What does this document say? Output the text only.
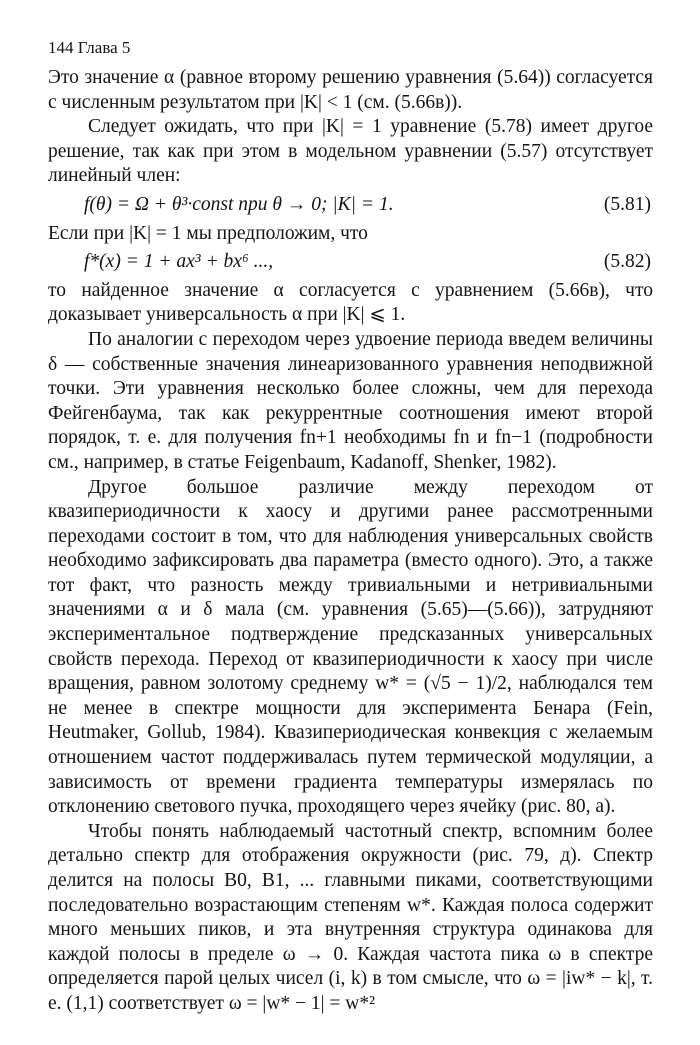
144 Глава 5

Это значение α (равное второму решению уравнения (5.64)) согласуется с численным результатом при |K| < 1 (см. (5.66в)).

Следует ожидать, что при |K| = 1 уравнение (5.78) имеет другое решение, так как при этом в модельном уравнении (5.57) отсутствует линейный член:

f(θ) = Ω + θ³·const при θ → 0; |K| = 1.	(5.81)

Если при |K| = 1 мы предположим, что

f*(x) = 1 + ax³ + bx⁶ ...,	(5.82)

то найденное значение α согласуется с уравнением (5.66в), что доказывает универсальность α при |K| ⩽ 1.

По аналогии с переходом через удвоение периода введем величины δ — собственные значения линеаризованного уравнения неподвижной точки. Эти уравнения несколько более сложны, чем для перехода Фейгенбаума, так как рекуррентные соотношения имеют второй порядок, т. е. для получения fn+1 необходимы fn и fn−1 (подробности см., например, в статье Feigenbaum, Kadanoff, Shenker, 1982).

Другое большое различие между переходом от квазипериодичности к хаосу и другими ранее рассмотренными переходами состоит в том, что для наблюдения универсальных свойств необходимо зафиксировать два параметра (вместо одного). Это, а также тот факт, что разность между тривиальными и нетривиальными значениями α и δ мала (см. уравнения (5.65)—(5.66)), затрудняют экспериментальное подтверждение предсказанных универсальных свойств перехода. Переход от квазипериодичности к хаосу при числе вращения, равном золотому среднему w* = (√5 − 1)/2, наблюдался тем не менее в спектре мощности для эксперимента Бенара (Fein, Heutmaker, Gollub, 1984). Квазипериодическая конвекция с желаемым отношением частот поддерживалась путем термической модуляции, а зависимость от времени градиента температуры измерялась по отклонению светового пучка, проходящего через ячейку (рис. 80, a).

Чтобы понять наблюдаемый частотный спектр, вспомним более детально спектр для отображения окружности (рис. 79, д). Спектр делится на полосы B0, B1, ... главными пиками, соответствующими последовательно возрастающим степеням w*. Каждая полоса содержит много меньших пиков, и эта внутренняя структура одинакова для каждой полосы в пределе ω → 0. Каждая частота пика ω в спектре определяется парой целых чисел (i, k) в том смысле, что ω = |iw* − k|, т. е. (1,1) соответствует ω = |w* − 1| = w*²
